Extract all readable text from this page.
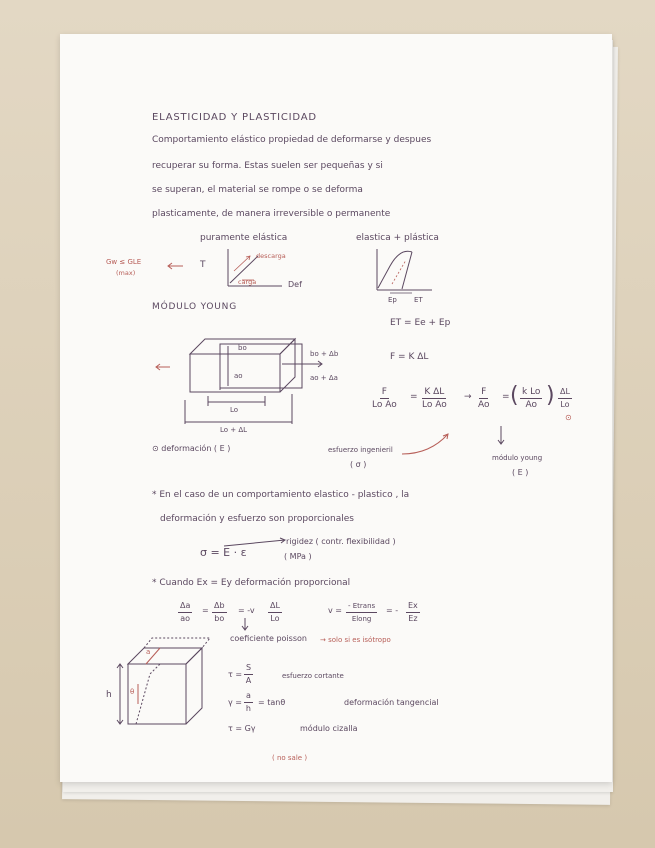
ELASTICIDAD Y PLASTICIDAD
Comportamiento elástico propiedad de deformarse y despues
recuperar su forma. Estas suelen ser pequeñas y si
se superan, el material se rompe o se deforma
plasticamente, de manera irreversible o permanente
puramente elástica	elastica + plástica
Gw ≤ GLE
(max)
T
descarga
carga	Def
Ep ET
ET = Ee + Ep
MÓDULO YOUNG
bo
ao
bo + Δb
ao + Δa
Lo
Lo + ΔL
F = K ΔL
$\frac{F}{\text{Lo Ao}} = \frac{\text{K ΔL}}{\text{Lo Ao}} \to \frac{F}{Ao}$ = ( $\frac{\text{k Lo}}{Ao}$ ) $\frac{\Delta L}{Lo}$
⊙
⊙ deformación ( E )	esfuerzo ingenieril
( σ )
módulo young
( E )
* En el caso de un comportamiento elastico - plastico , la
deformación y esfuerzo son proporcionales
rigidez ( contr. flexibilidad )
σ = E · ε	( MPa )
* Cuando Ex = Ey deformación proporcional
$\frac{\Delta a}{ao} = \frac{\Delta b}{bo} = -v \frac{\Delta L}{Lo}$	v = - Etrans
Elong
= - $\frac{Ex}{Ez}$
coeficiente poisson → solo si es isótropo
h	θ
a
$\tau = \frac{S}{A}$	esfuerzo cortante
$\gamma = \frac{a}{h} = \tan\theta$	deformación tangencial
τ = Gγ	módulo cizalla
( no sale )
